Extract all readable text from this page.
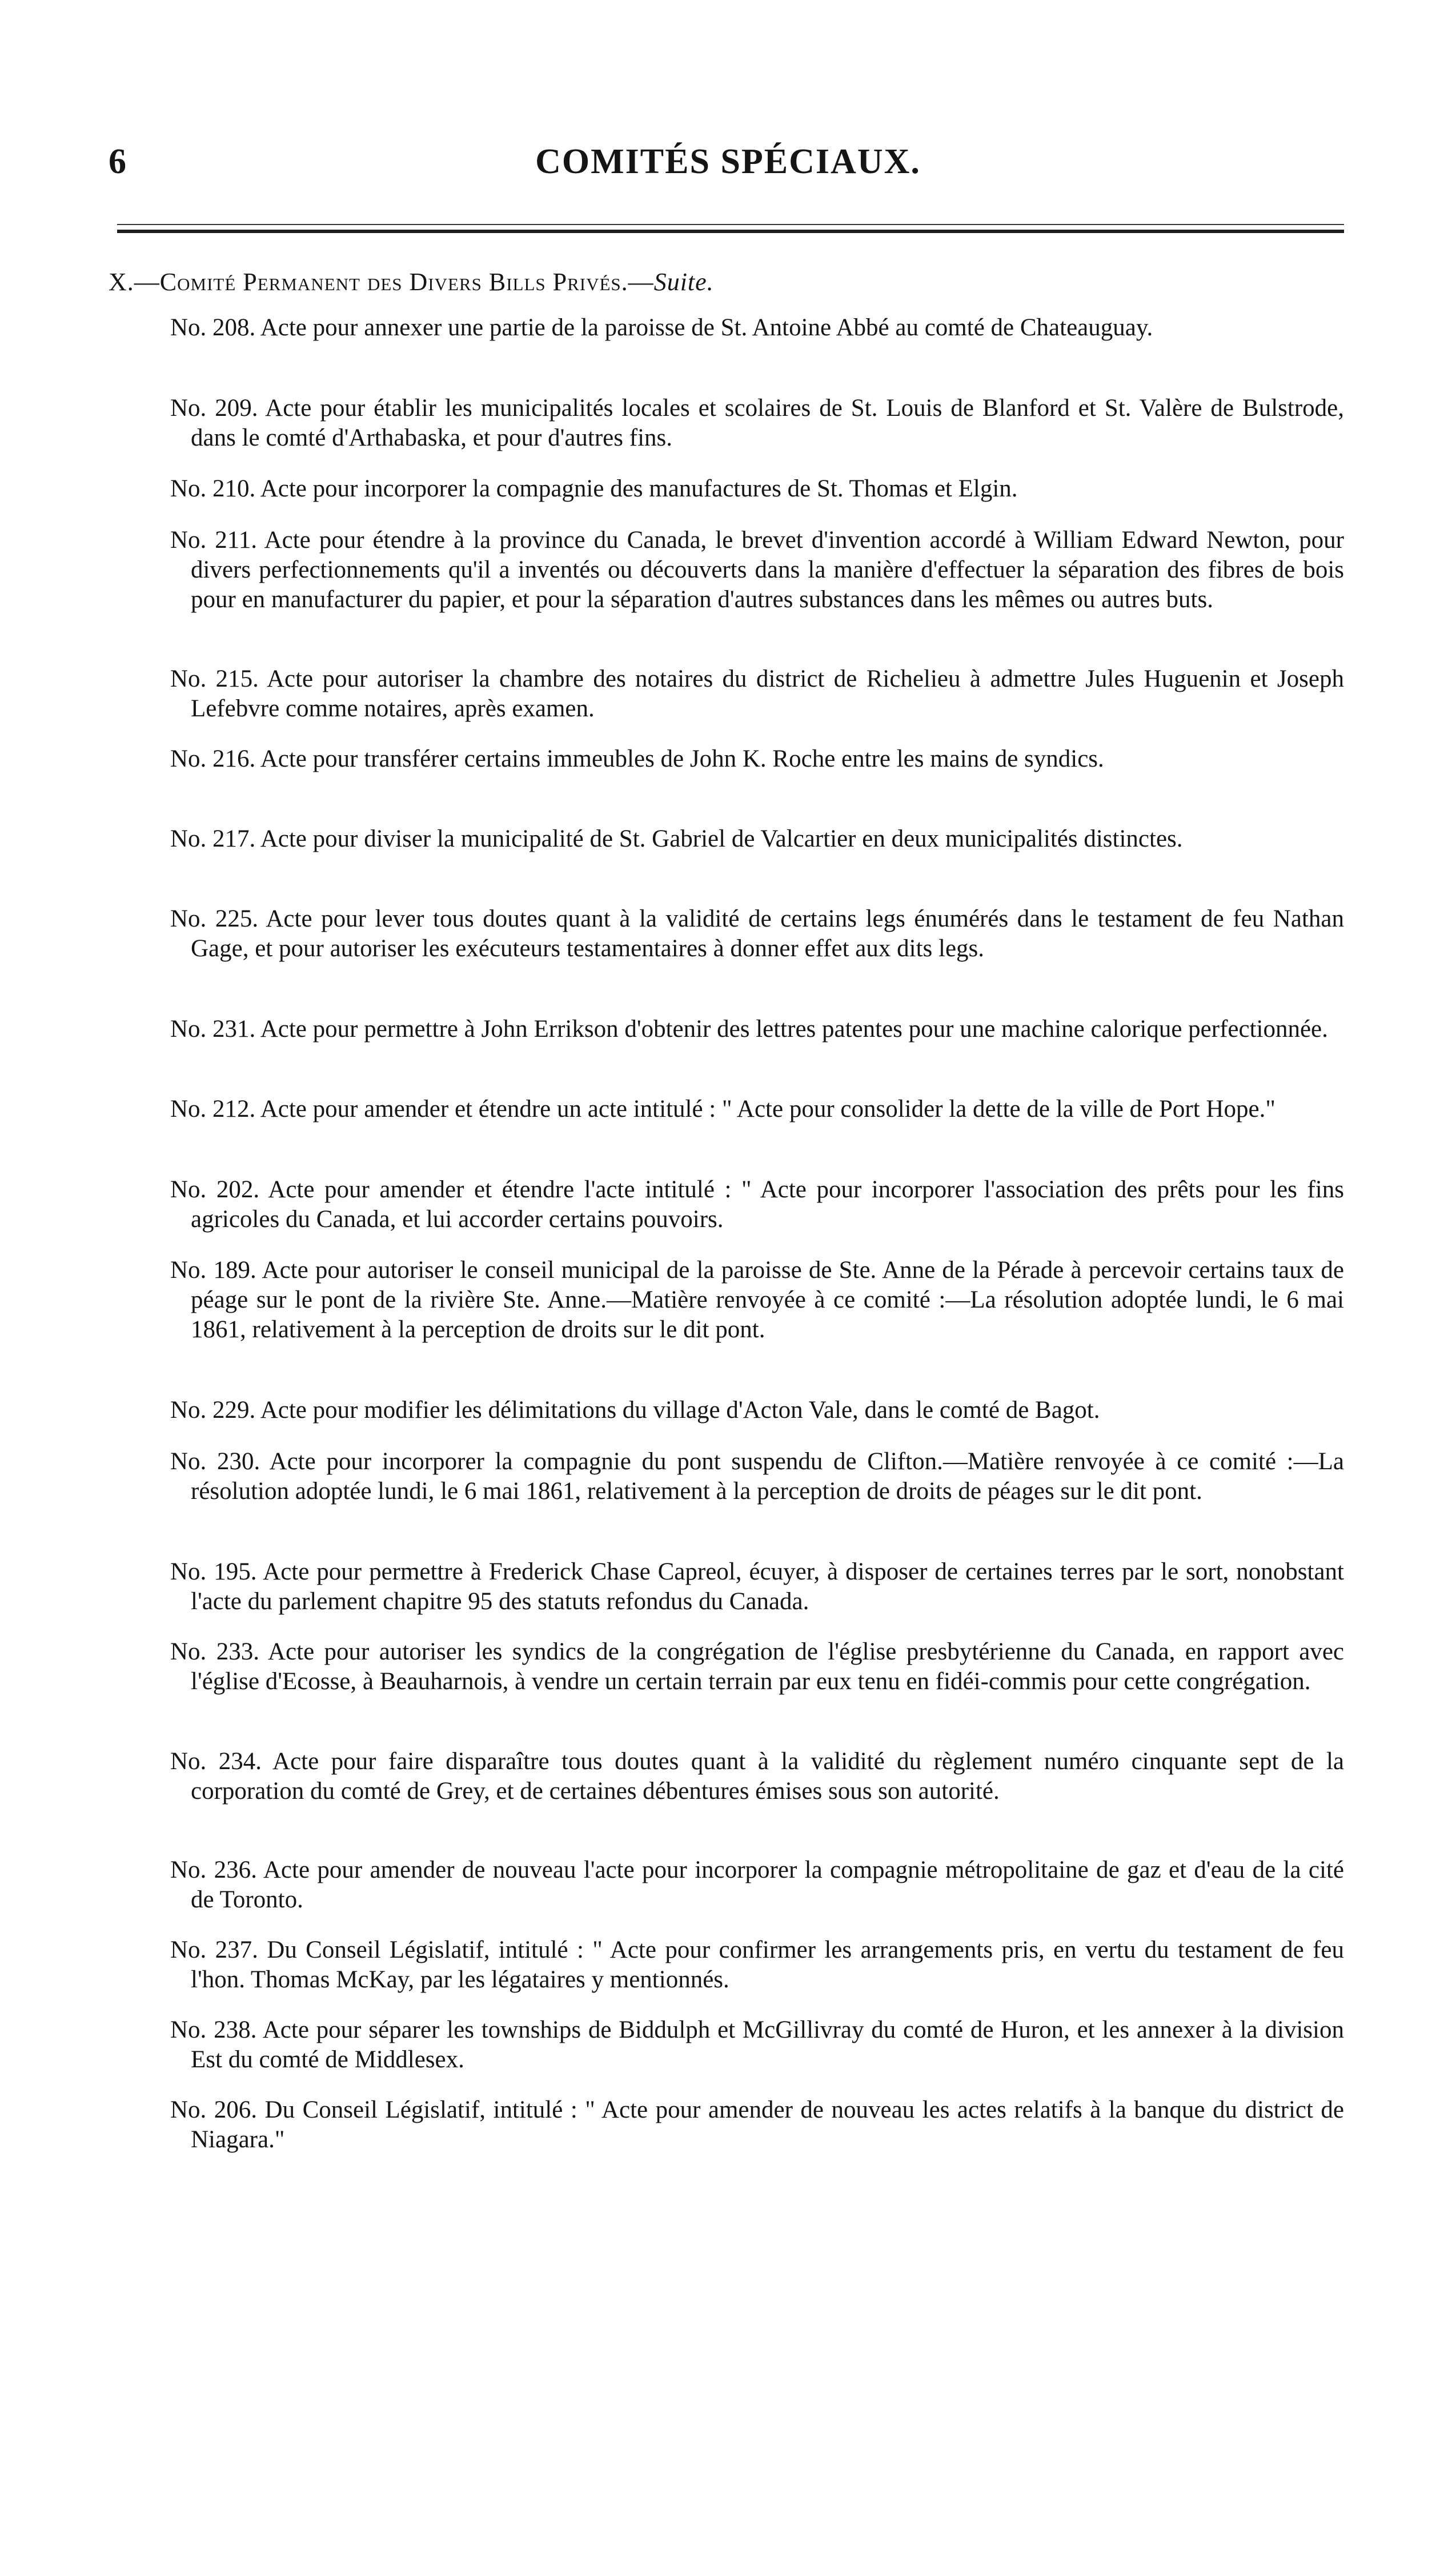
6	COMITÉS SPÉCIAUX.
X.—Comité Permanent des Divers Bills Privés.—Suite.
No. 208. Acte pour annexer une partie de la paroisse de St. Antoine Abbé au comté de Chateauguay.
No. 209. Acte pour établir les municipalités locales et scolaires de St. Louis de Blanford et St. Valère de Bulstrode, dans le comté d'Arthabaska, et pour d'autres fins.
No. 210. Acte pour incorporer la compagnie des manufactures de St. Thomas et Elgin.
No. 211. Acte pour étendre à la province du Canada, le brevet d'invention accordé à William Edward Newton, pour divers perfectionnements qu'il a inventés ou découverts dans la manière d'effectuer la séparation des fibres de bois pour en manufacturer du papier, et pour la séparation d'autres substances dans les mêmes ou autres buts.
No. 215. Acte pour autoriser la chambre des notaires du district de Richelieu à admettre Jules Huguenin et Joseph Lefebvre comme notaires, après examen.
No. 216. Acte pour transférer certains immeubles de John K. Roche entre les mains de syndics.
No. 217. Acte pour diviser la municipalité de St. Gabriel de Valcartier en deux municipalités distinctes.
No. 225. Acte pour lever tous doutes quant à la validité de certains legs énumérés dans le testament de feu Nathan Gage, et pour autoriser les exécuteurs testamentaires à donner effet aux dits legs.
No. 231. Acte pour permettre à John Errikson d'obtenir des lettres patentes pour une machine calorique perfectionnée.
No. 212. Acte pour amender et étendre un acte intitulé : " Acte pour consolider la dette de la ville de Port Hope."
No. 202. Acte pour amender et étendre l'acte intitulé : " Acte pour incorporer l'association des prêts pour les fins agricoles du Canada, et lui accorder certains pouvoirs.
No. 189. Acte pour autoriser le conseil municipal de la paroisse de Ste. Anne de la Pérade à percevoir certains taux de péage sur le pont de la rivière Ste. Anne.—Matière renvoyée à ce comité :—La résolution adoptée lundi, le 6 mai 1861, relativement à la perception de droits sur le dit pont.
No. 229. Acte pour modifier les délimitations du village d'Acton Vale, dans le comté de Bagot.
No. 230. Acte pour incorporer la compagnie du pont suspendu de Clifton.—Matière renvoyée à ce comité :—La résolution adoptée lundi, le 6 mai 1861, relativement à la perception de droits de péages sur le dit pont.
No. 195. Acte pour permettre à Frederick Chase Capreol, écuyer, à disposer de certaines terres par le sort, nonobstant l'acte du parlement chapitre 95 des statuts refondus du Canada.
No. 233. Acte pour autoriser les syndics de la congrégation de l'église presbytérienne du Canada, en rapport avec l'église d'Ecosse, à Beauharnois, à vendre un certain terrain par eux tenu en fidéi-commis pour cette congrégation.
No. 234. Acte pour faire disparaître tous doutes quant à la validité du règlement numéro cinquante sept de la corporation du comté de Grey, et de certaines débentures émises sous son autorité.
No. 236. Acte pour amender de nouveau l'acte pour incorporer la compagnie métropolitaine de gaz et d'eau de la cité de Toronto.
No. 237. Du Conseil Législatif, intitulé : " Acte pour confirmer les arrangements pris, en vertu du testament de feu l'hon. Thomas McKay, par les légataires y mentionnés.
No. 238. Acte pour séparer les townships de Biddulph et McGillivray du comté de Huron, et les annexer à la division Est du comté de Middlesex.
No. 206. Du Conseil Législatif, intitulé : " Acte pour amender de nouveau les actes relatifs à la banque du district de Niagara."
